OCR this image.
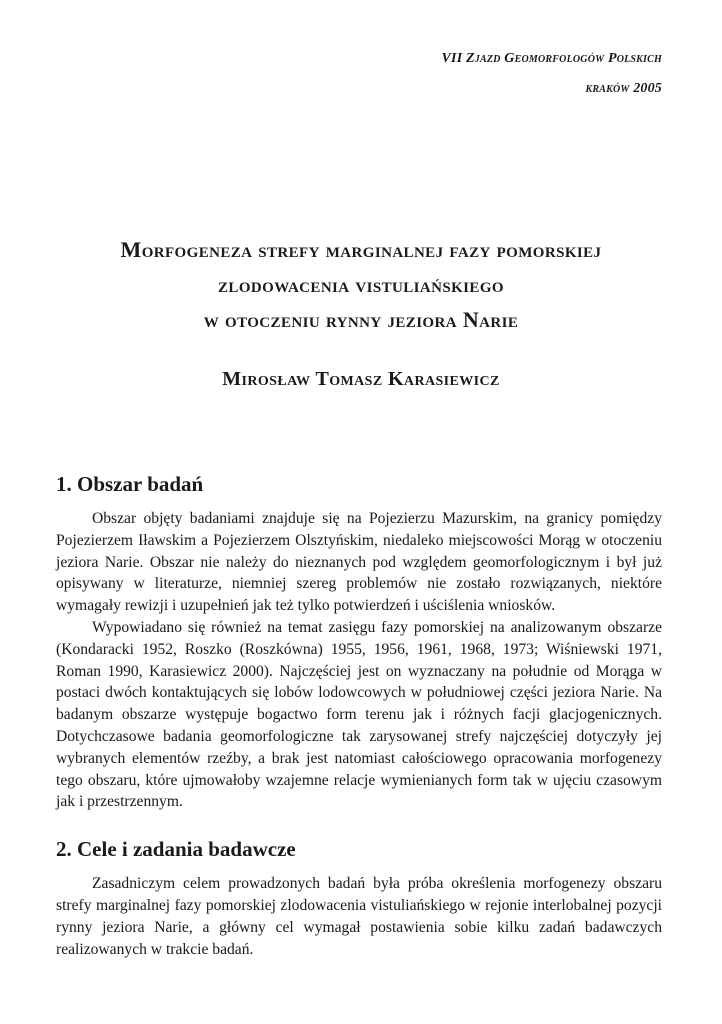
VII Zjazd Geomorfologów Polskich
kraków 2005
Morfogeneza strefy marginalnej fazy pomorskiej
zlodowacenia vistuliańskiego
w otoczeniu rynny jeziora Narie
Mirosław Tomasz Karasiewicz
1. Obszar badań

Obszar objęty badaniami znajduje się na Pojezierzu Mazurskim, na granicy pomiędzy Pojezierzem Iławskim a Pojezierzem Olsztyńskim, niedaleko miejscowości Morąg w otoczeniu jeziora Narie. Obszar nie należy do nieznanych pod względem geomorfologicznym i był już opisywany w literaturze, niemniej szereg problemów nie zostało rozwiązanych, niektóre wymagały rewizji i uzupełnień jak też tylko potwierdzeń i uściślenia wniosków.

Wypowiadano się również na temat zasięgu fazy pomorskiej na analizowanym obszarze (Kondaracki 1952, Roszko (Roszkówna) 1955, 1956, 1961, 1968, 1973; Wiśniewski 1971, Roman 1990, Karasiewicz 2000). Najczęściej jest on wyznaczany na południe od Morąga w postaci dwóch kontaktujących się lobów lodowcowych w południowej części jeziora Narie. Na badanym obszarze występuje bogactwo form terenu jak i różnych facji glacjogenicznych. Dotychczasowe badania geomorfologiczne tak zarysowanej strefy najczęściej dotyczyły jej wybranych elementów rzeźby, a brak jest natomiast całościowego opracowania morfogenezy tego obszaru, które ujmowałoby wzajemne relacje wymienianych form tak w ujęciu czasowym jak i przestrzennym.

2. Cele i zadania badawcze

Zasadniczym celem prowadzonych badań była próba określenia morfogenezy obszaru strefy marginalnej fazy pomorskiej zlodowacenia vistuliańskiego w rejonie interlobalnej pozycji rynny jeziora Narie, a główny cel wymagał postawienia sobie kilku zadań badawczych realizowanych w trakcie badań.
